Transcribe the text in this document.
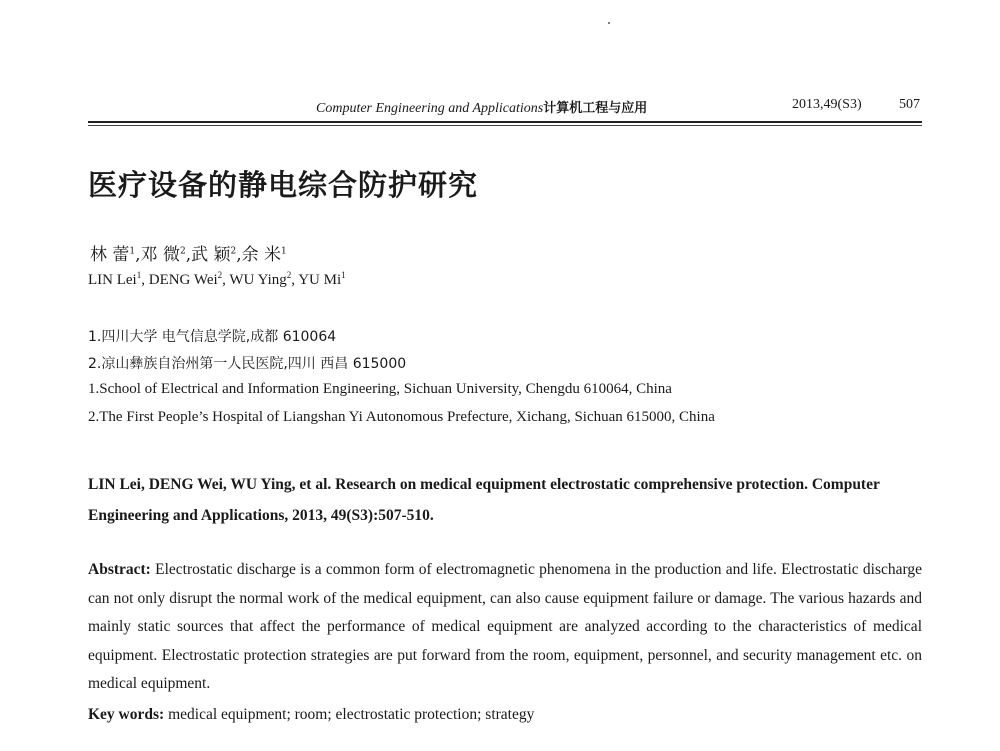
Computer Engineering and Applications计算机工程与应用	2013,49(S3)	507
医疗设备的静电综合防护研究
林 蕾$^1$,邓 微$^2$,武 颖$^2$,余 米$^1$
LIN Lei$^1$, DENG Wei$^2$, WU Ying$^2$, YU Mi$^1$
1.四川大学 电气信息学院,成都 610064
2.凉山彝族自治州第一人民医院,四川 西昌 615000
1.School of Electrical and Information Engineering, Sichuan University, Chengdu 610064, China
2.The First People’s Hospital of Liangshan Yi Autonomous Prefecture, Xichang, Sichuan 615000, China
LIN Lei, DENG Wei, WU Ying, et al. Research on medical equipment electrostatic comprehensive protection. Computer Engineering and Applications, 2013, 49(S3):507-510.
Abstract: Electrostatic discharge is a common form of electromagnetic phenomena in the production and life. Electrostatic discharge can not only disrupt the normal work of the medical equipment, can also cause equipment failure or damage. The various hazards and mainly static sources that affect the performance of medical equipment are analyzed according to the characteristics of medical equipment. Electrostatic protection strategies are put forward from the room, equipment, personnel, and security management etc. on medical equipment.
Key words: medical equipment; room; electrostatic protection; strategy
